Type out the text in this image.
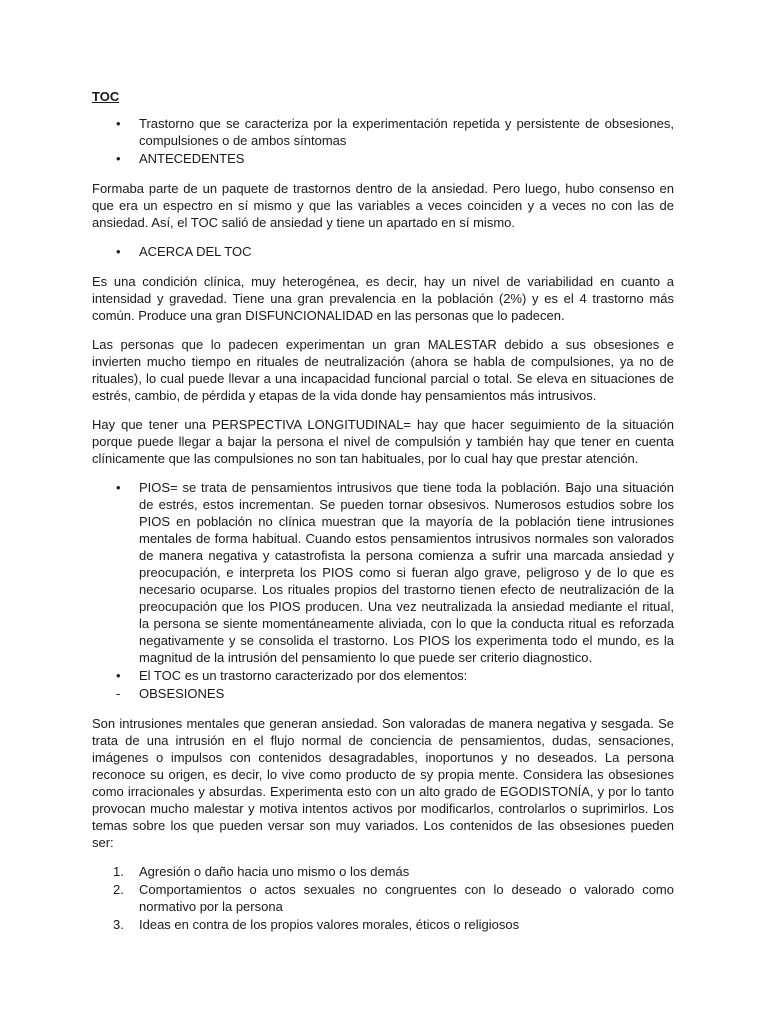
TOC
•	Trastorno que se caracteriza por la experimentación repetida y persistente de obsesiones, compulsiones o de ambos síntomas
•	ANTECEDENTES

Formaba parte de un paquete de trastornos dentro de la ansiedad. Pero luego, hubo consenso en que era un espectro en sí mismo y que las variables a veces coinciden y a veces no con las de ansiedad. Así, el TOC salió de ansiedad y tiene un apartado en sí mismo.

•	ACERCA DEL TOC

Es una condición clínica, muy heterogénea, es decir, hay un nivel de variabilidad en cuanto a intensidad y gravedad. Tiene una gran prevalencia en la población (2%) y es el 4 trastorno más común. Produce una gran DISFUNCIONALIDAD en las personas que lo padecen.

Las personas que lo padecen experimentan un gran MALESTAR debido a sus obsesiones e invierten mucho tiempo en rituales de neutralización (ahora se habla de compulsiones, ya no de rituales), lo cual puede llevar a una incapacidad funcional parcial o total. Se eleva en situaciones de estrés, cambio, de pérdida y etapas de la vida donde hay pensamientos más intrusivos.

Hay que tener una PERSPECTIVA LONGITUDINAL= hay que hacer seguimiento de la situación porque puede llegar a bajar la persona el nivel de compulsión y también hay que tener en cuenta clínicamente que las compulsiones no son tan habituales, por lo cual hay que prestar atención.

•	PIOS= se trata de pensamientos intrusivos que tiene toda la población. Bajo una situación de estrés, estos incrementan. Se pueden tornar obsesivos. Numerosos estudios sobre los PIOS en población no clínica muestran que la mayoría de la población tiene intrusiones mentales de forma habitual. Cuando estos pensamientos intrusivos normales son valorados de manera negativa y catastrofista la persona comienza a sufrir una marcada ansiedad y preocupación, e interpreta los PIOS como si fueran algo grave, peligroso y de lo que es necesario ocuparse. Los rituales propios del trastorno tienen efecto de neutralización de la preocupación que los PIOS producen. Una vez neutralizada la ansiedad mediante el ritual, la persona se siente momentáneamente aliviada, con lo que la conducta ritual es reforzada negativamente y se consolida el trastorno. Los PIOS los experimenta todo el mundo, es la magnitud de la intrusión del pensamiento lo que puede ser criterio diagnostico.
•	El TOC es un trastorno caracterizado por dos elementos:
- OBSESIONES

Son intrusiones mentales que generan ansiedad. Son valoradas de manera negativa y sesgada. Se trata de una intrusión en el flujo normal de conciencia de pensamientos, dudas, sensaciones, imágenes o impulsos con contenidos desagradables, inoportunos y no deseados. La persona reconoce su origen, es decir, lo vive como producto de sy propia mente. Considera las obsesiones como irracionales y absurdas. Experimenta esto con un alto grado de EGODISTONÍA, y por lo tanto provocan mucho malestar y motiva intentos activos por modificarlos, controlarlos o suprimirlos. Los temas sobre los que pueden versar son muy variados. Los contenidos de las obsesiones pueden ser:

1.	Agresión o daño hacia uno mismo o los demás
2.	Comportamientos o actos sexuales no congruentes con lo deseado o valorado como normativo por la persona
3.	Ideas en contra de los propios valores morales, éticos o religiosos
